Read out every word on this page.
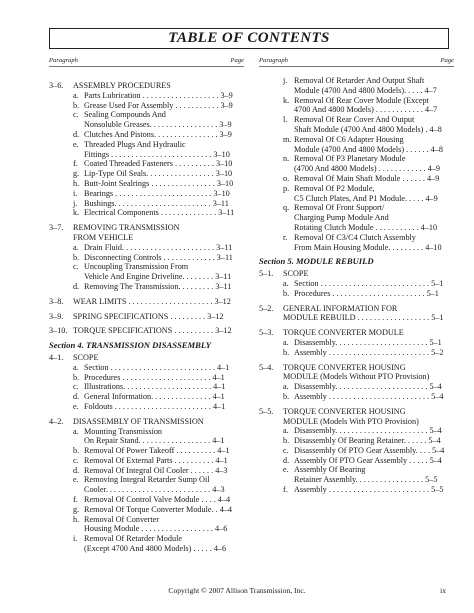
TABLE OF CONTENTS
Paragraph	Page
3–6. ASSEMBLY PROCEDURES
a. Parts Lubrication . . . . . . . . . . . . . . . . . . . 3–9
b. Grease Used For Assembly . . . . . . . . . . . 3–9
c. Sealing Compounds And
Nonsoluble Greases. . . . . . . . . . . . . . . . . 3–9
d. Clutches And Pistons. . . . . . . . . . . . . . . . 3–9
e. Threaded Plugs And Hydraulic
Fittings . . . . . . . . . . . . . . . . . . . . . . . . . 3–10
f. Coated Threaded Fasteners . . . . . . . . . . 3–10
g. Lip-Type Oil Seals. . . . . . . . . . . . . . . . . 3–10
h. Butt-Joint Sealrings . . . . . . . . . . . . . . . . 3–10
i. Bearings . . . . . . . . . . . . . . . . . . . . . . . . 3–10
j. Bushings. . . . . . . . . . . . . . . . . . . . . . . . 3–11
k. Electrical Components . . . . . . . . . . . . . . 3–11
3–7. REMOVING TRANSMISSION
FROM VEHICLE
a. Drain Fluid. . . . . . . . . . . . . . . . . . . . . . . 3–11
b. Disconnecting Controls . . . . . . . . . . . . . 3–11
c. Uncoupling Transmission From
Vehicle And Engine Driveline. . . . . . . . 3–11
d. Removing The Transmission. . . . . . . . . 3–11
3–8. WEAR LIMITS . . . . . . . . . . . . . . . . . . . . . 3–12
3–9. SPRING SPECIFICATIONS . . . . . . . . . 3–12
3–10. TORQUE SPECIFICATIONS . . . . . . . . . . 3–12
Section 4. TRANSMISSION DISASSEMBLY
4–1. SCOPE
a. Section . . . . . . . . . . . . . . . . . . . . . . . . . . 4–1
b. Procedures . . . . . . . . . . . . . . . . . . . . . . 4–1
c. Illustrations. . . . . . . . . . . . . . . . . . . . . . 4–1
d. General Information. . . . . . . . . . . . . . . 4–1
e. Foldouts . . . . . . . . . . . . . . . . . . . . . . . . 4–1
4–2. DISASSEMBLY OF TRANSMISSION
a. Mounting Transmission
On Repair Stand. . . . . . . . . . . . . . . . . . 4–1
b. Removal Of Power Takeoff . . . . . . . . . . 4–1
c. Removal Of External Parts . . . . . . . . . . 4–1
d. Removal Of Integral Oil Cooler . . . . . . 4–3
e. Removing Integral Retarder Sump Oil
Cooler. . . . . . . . . . . . . . . . . . . . . . . . . . 4–3
f. Removal Of Control Valve Module . . . . 4–4
g. Removal Of Torque Converter Module. . 4–4
h. Removal Of Converter
Housing Module . . . . . . . . . . . . . . . . . . 4–6
i. Removal Of Retarder Module
(Except 4700 And 4800 Models) . . . . . 4–6
Paragraph	Page
j. Removal Of Retarder And Output Shaft
Module (4700 And 4800 Models). . . . . 4–7
k. Removal Of Rear Cover Module (Except
4700 And 4800 Models) . . . . . . . . . . . . 4–7
l. Removal Of Rear Cover And Output
Shaft Module (4700 And 4800 Models) . 4–8
m. Removal Of C6 Adapter Housing
Module (4700 And 4800 Models) . . . . . . 4–8
n. Removal Of P3 Planetary Module
(4700 And 4800 Models) . . . . . . . . . . . . 4–9
o. Removal Of Main Shaft Module . . . . . . 4–9
p. Removal Of P2 Module,
C5 Clutch Plates, And P1 Module. . . . . 4–9
q. Removal Of Front Support/
Charging Pump Module And
Rotating Clutch Module . . . . . . . . . . . 4–10
r. Removal Of C3/C4 Clutch Assembly
From Main Housing Module. . . . . . . . . 4–10
Section 5. MODULE REBUILD
5–1. SCOPE
a. Section . . . . . . . . . . . . . . . . . . . . . . . . . . . 5–1
b. Procedures . . . . . . . . . . . . . . . . . . . . . . . 5–1
5–2. GENERAL INFORMATION FOR
MODULE REBUILD . . . . . . . . . . . . . . . . . . 5–1
5–3. TORQUE CONVERTER MODULE
a. Disassembly. . . . . . . . . . . . . . . . . . . . . . . 5–1
b. Assembly . . . . . . . . . . . . . . . . . . . . . . . . . 5–2
5–4. TORQUE CONVERTER HOUSING
MODULE (Models Without PTO Provision)
a. Disassembly. . . . . . . . . . . . . . . . . . . . . . . 5–4
b. Assembly . . . . . . . . . . . . . . . . . . . . . . . . . 5–4
5–5. TORQUE CONVERTER HOUSING
MODULE (Models With PTO Provision)
a. Disassembly. . . . . . . . . . . . . . . . . . . . . . . 5–4
b. Disassembly Of Bearing Retainer. . . . . . 5–4
c. Disassembly Of PTO Gear Assembly. . . . 5–4
d. Assembly Of PTO Gear Assembly . . . . . 5–4
e. Assembly Of Bearing
Retainer Assembly. . . . . . . . . . . . . . . . . 5–5
f. Assembly . . . . . . . . . . . . . . . . . . . . . . . . . 5–5
Copyright © 2007 Allison Transmission, Inc.	ix
